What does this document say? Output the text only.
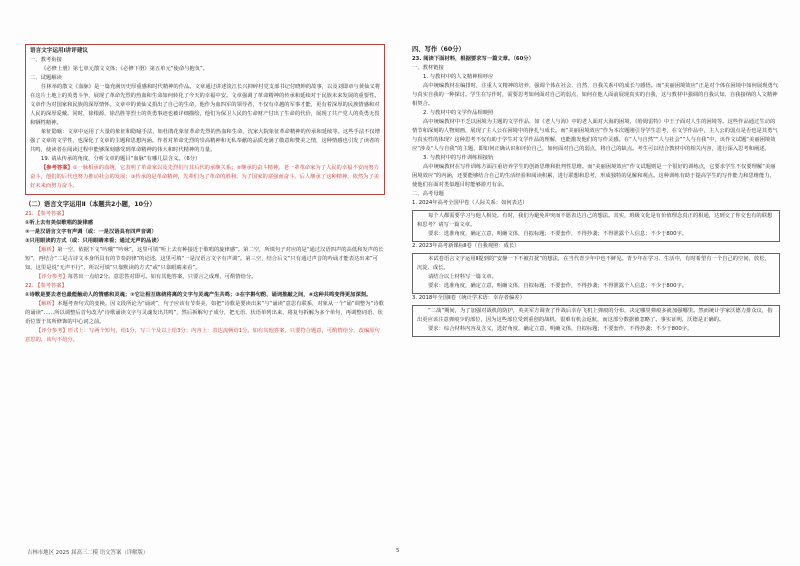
语言文字运用Ⅰ讲评建议

一、教考衔接

《必修上册》第七单元散文文体；《必修下册》第五单元“使命与抱负”。

二、试题解读

任林举的散文《血脉》是一篇充满历史厚重感和时代精神的作品。文章通过讲述淡江长兴抑碎村党支部书记付晓坤的故事，以及刘即章与黄仙义将在这片土地上的英勇斗争，展现了革命先烈的热血和生命如何转化了今天的幸福中安。文章强调了革命精神的传承和延续对于民族未来发展的重要性。文章作为对国家和民族的深厚情怀。文章中的黄仙义捐出了自己的生命，他作为血四军的领导者，不仅有卓越的军事才能，更有着深厚的民族情感和对人民的深厚爱戴。同时，徐根源，徐昌胜等烈士的英勇事迹也被详细描绘，他们为保卫人民的生命财产付出了生命的代价，展现了共产党人的英勇无畏和牺牲精神。

象征隐喻：文章中运用了大量的象征和隐喻手法，如杜鹃花象征革命先烈的热血和生命，沈家大院象征革命精神的传承和延续等。这些手法不仅增强了文章的文学性，也深化了文章的主题和思想内涵。作者对革命先烈的崇高精神和无私奉献的品质充满了敬意和赞美之情，这种情感也引发了读者的共鸣，使读者在阅读过程中能够深刻感受到革命精神的伟大和时代精神的力量。

19. 请从传承的角度，分析文章的题目“血脉”有哪几层含义。（6分）

【参考答案】①一脉相承的血统，它表明了革命家以及先烈们与其后代的承继关系；②继承的奋斗精神。老一辈革命家为了人民的幸福不安而努力奋斗，他们的后代也努力推动社会的发展；③传承的是革命精神，先辈们为了革命的胜利、为了国家的富强而奋斗，后人继承了这种精神，依然为了美好未来而努力奋斗。

（二）语言文字运用Ⅱ（本题共2小题，10分）

21. 【参考答案】

①听上去有美似歌唱的旋律感

②一是汉语言文字有声调（或：一是汉语具有四声音调）

③只用眼读的方式（或：只用眼睛来看；通过无声的品读）

【解析】第一空，依据下文“吟哦”“吟咏”，这里可填“听上去有种接近于歌唱的旋律感”。第二空，所填句子对应的是“通过汉语四声的高低和发声的长短”，再结合“二是古诗文本身所具有的节奏韵律”的论述，这里可填“一是汉语言文字有声调”。第三空，结合后文“只有通过声音的吟诵才能表达出来”可知，这里是说“无声不行”，所以可填“只靠默读的方式”或“只靠眼睛来看”。

【评分参考】每答出一点给2分。意思答对即可。如有其他答案，只要言之成理，可酌情给分。

22. 【参考答案】

①诗歌是要去老也最能触动人的情感和灵魂；②它让相互练绕将离的文字与灵魂产生共鸣；③在字斟句酌、诵词推敲之间，④这种共鸣变得更加深刻。

【解析】本题考查句式的变换。因文段所论为“诵读”，句子应该有节奏美，如把“诗歌是要读出来”与“诵读”意思有联系，对象从一个“诵”调整为“诗歌的诵读”……所以调整后首句改为“诗歌诵读文字与灵魂发出共鸣”，然后拆解句子成分，把无语、状语单列出来，将复句拆解为多个单句，再调整词语、状语位置于其所修饰的中心词之前。

【评分参考】形式上：写两个短句，给1分，写三个及以上给3分；内容上：表达流畅给1分。如有其他答案，只要符合题意，可酌情给分，改编原句意思的，该句不给分。

四、写作（60分）

23. 阅读下面材料，根据要求写一篇文章。（60分）

一、教材链接

1. 与教材中的人文精神相呼应

高中统编教材在编排时，注重人文精神的培养，强调个体在社会、自然、自我关系中的成长与感悟。而“美丽困境效应”正是对个体在困境中如何展现勇气与真实自我的一种探讨。学生在写作时，需要思考如何面对自己的弱点，如何在他人面前展现真实的自我，这与教材中强调的自我认知、自我接纳的人文精神相契合。

2. 与教材中的文学作品相映照

高中统编教材中不乏以困境为主题的文学作品，如《老人与海》中的老人面对大海的困境，《哈姆雷特》中王子面对人生的困境等。这些作品通过生动的情节和深刻的人物刻画，展现了主人公在困境中的挣扎与成长。而“美丽困境效应”作为本次题刚引导学生思考，在文学作品中，主人公的弱点是否也是其勇气与真实性的体现？这种思考不仅有助于学生对文学作品的理解，也能激发他们的写作灵感。在“人与自然”“人与社会”“人与自我”中，该作文试题“美丽困境效应”涉及“人与自我”的主题，即如何正确认识和评价自己，如何面对自己的弱点，将自己的缺点。考生可以结合教材中的相关内容，进行深入思考和阐述。

3. 与教材中的写作训练相接轨

高中统编教材在写作训练方面注重培养学生的创新思维和批判性思维。而“美丽困境效应”作文试题则是一个很好的训练点，它要求学生不仅要理解“美丽困境效应”的内涵，还要能够结合自己的生活经验和阅读积累，进行联想和思考，形成独特的见解和观点。这种训练有助于提高学生的写作能力和思维能力，使他们在面对类似题目时能够游刃有余。

二、高考母题

1. 2024年高考全国甲卷（人际关系：如何表达）

每个人都需要学习与他人相处。有时，我们为避免冲突而不愿表达自己的想法。其实，班级文化是有价值理念真正的相通，达到交了你交也有的联想和思考？请写一篇文章。

要求：选准角度，确定立意，明确文体，自拟标题；不要套作，不得抄袭；不得泄露个人信息；不少于800字。

2. 2023年高考新课标Ⅱ卷（自我观照：成长）

本试卷语言文字运用Ⅱ提到的“安静一下不被打扰”的想法，在当代青少年中也不鲜见。青少年在学习、生活中，有时希望有一个自己的空间，放松、沉淀、成长。

请结合以上材料写一篇文章。

要求：选准角度，确定立意，明确文体，自拟标题；不要套作，不得抄袭；不得泄露个人信息；不少于800字。

3. 2018年全国Ⅱ卷（统计学术语：幸存者偏差）

“二战”期间，为了加强对战机的防护，英美军方调查了作战后幸存飞机上弹痕的分布，决定哪里弹痕多就加强哪里。然而统计学家沃德力排众议，指出更应该注意弹痕少的部位，因为这些部位受到重创的战机，很难有机会返航，而这部分数据被忽略了。事实证明，沃德是正确的。

要求：综合材料内容及含义，选好角度，确定立意，明确文体，自拟标题；不要套作，不得抄袭；不少于800字。

吉林市地区 2025 届高三二模 语文答案（详解版）	5
